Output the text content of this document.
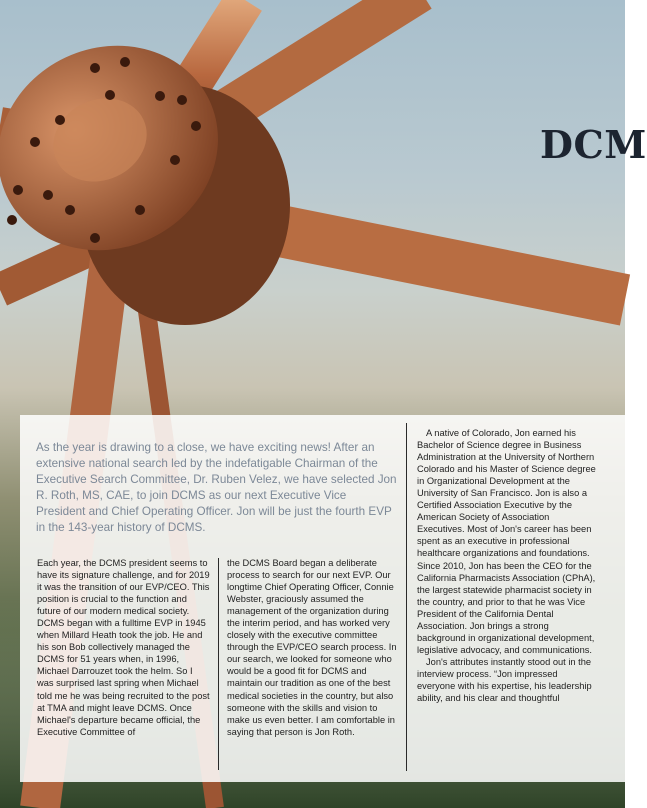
DCM

As the year is drawing to a close, we have exciting news! After an extensive national search led by the indefatigable Chairman of the Executive Search Committee, Dr. Ruben Velez, we have selected Jon R. Roth, MS, CAE, to join DCMS as our next Executive Vice President and Chief Operating Officer. Jon will be just the fourth EVP in the 143-year history of DCMS.

Each year, the DCMS president seems to have its signature challenge, and for 2019 it was the transition of our EVP/CEO. This position is crucial to the function and future of our modern medical society. DCMS began with a fulltime EVP in 1945 when Millard Heath took the job. He and his son Bob collectively managed the DCMS for 51 years when, in 1996, Michael Darrouzet took the helm. So I was surprised last spring when Michael told me he was being recruited to the post at TMA and might leave DCMS. Once Michael's departure became official, the Executive Committee of

the DCMS Board began a deliberate process to search for our next EVP. Our longtime Chief Operating Officer, Connie Webster, graciously assumed the management of the organization during the interim period, and has worked very closely with the executive committee through the EVP/CEO search process. In our search, we looked for someone who would be a good fit for DCMS and maintain our tradition as one of the best medical societies in the country, but also someone with the skills and vision to make us even better. I am comfortable in saying that person is Jon Roth.

A native of Colorado, Jon earned his Bachelor of Science degree in Business Administration at the University of Northern Colorado and his Master of Science degree in Organizational Development at the University of San Francisco. Jon is also a Certified Association Executive by the American Society of Association Executives. Most of Jon's career has been spent as an executive in professional healthcare organizations and foundations. Since 2010, Jon has been the CEO for the California Pharmacists Association (CPhA), the largest statewide pharmacist society in the country, and prior to that he was Vice President of the California Dental Association. Jon brings a strong background in organizational development, legislative advocacy, and communications.

Jon's attributes instantly stood out in the interview process. “Jon impressed everyone with his expertise, his leadership ability, and his clear and thoughtful
